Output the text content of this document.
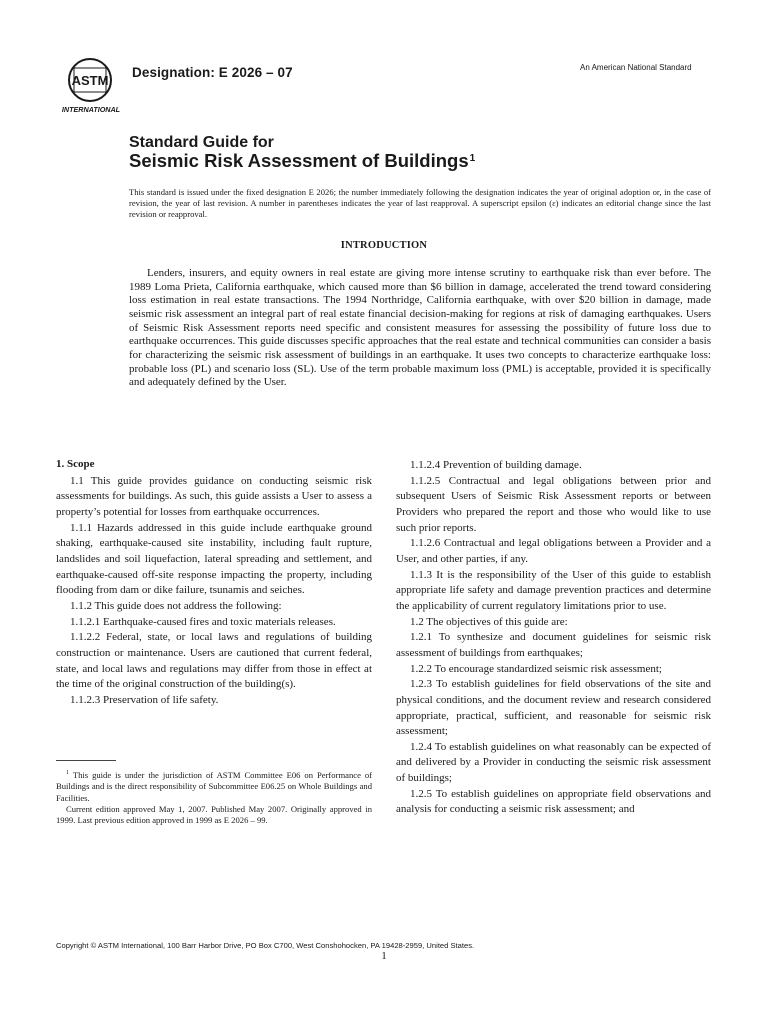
ASTM
INTERNATIONAL
Designation: E 2026 – 07	An American National Standard
Standard Guide for
Seismic Risk Assessment of Buildings$^1$
This standard is issued under the fixed designation E 2026; the number immediately following the designation indicates the year of original adoption or, in the case of revision, the year of last revision. A number in parentheses indicates the year of last reapproval. A superscript epsilon (ε) indicates an editorial change since the last revision or reapproval.
INTRODUCTION
Lenders, insurers, and equity owners in real estate are giving more intense scrutiny to earthquake risk than ever before. The 1989 Loma Prieta, California earthquake, which caused more than $6 billion in damage, accelerated the trend toward considering loss estimation in real estate transactions. The 1994 Northridge, California earthquake, with over $20 billion in damage, made seismic risk assessment an integral part of real estate financial decision-making for regions at risk of damaging earthquakes. Users of Seismic Risk Assessment reports need specific and consistent measures for assessing the possibility of future loss due to earthquake occurrences. This guide discusses specific approaches that the real estate and technical communities can consider a basis for characterizing the seismic risk assessment of buildings in an earthquake. It uses two concepts to characterize earthquake loss: probable loss (PL) and scenario loss (SL). Use of the term probable maximum loss (PML) is acceptable, provided it is specifically and adequately defined by the User.

1. Scope

1.1 This guide provides guidance on conducting seismic risk assessments for buildings. As such, this guide assists a User to assess a property’s potential for losses from earthquake occurrences.

1.1.1 Hazards addressed in this guide include earthquake ground shaking, earthquake-caused site instability, including fault rupture, landslides and soil liquefaction, lateral spreading and settlement, and earthquake-caused off-site response impacting the property, including flooding from dam or dike failure, tsunamis and seiches.

1.1.2 This guide does not address the following:

1.1.2.1 Earthquake-caused fires and toxic materials releases.

1.1.2.2 Federal, state, or local laws and regulations of building construction or maintenance. Users are cautioned that current federal, state, and local laws and regulations may differ from those in effect at the time of the original construction of the building(s).

1.1.2.3 Preservation of life safety.

1.1.2.4 Prevention of building damage.

1.1.2.5 Contractual and legal obligations between prior and subsequent Users of Seismic Risk Assessment reports or between Providers who prepared the report and those who would like to use such prior reports.

1.1.2.6 Contractual and legal obligations between a Provider and a User, and other parties, if any.

1.1.3 It is the responsibility of the User of this guide to establish appropriate life safety and damage prevention practices and determine the applicability of current regulatory limitations prior to use.

1.2 The objectives of this guide are:

1.2.1 To synthesize and document guidelines for seismic risk assessment of buildings from earthquakes;

1.2.2 To encourage standardized seismic risk assessment;

1.2.3 To establish guidelines for field observations of the site and physical conditions, and the document review and research considered appropriate, practical, sufficient, and reasonable for seismic risk assessment;

1.2.4 To establish guidelines on what reasonably can be expected of and delivered by a Provider in conducting the seismic risk assessment of buildings;

1.2.5 To establish guidelines on appropriate field observations and analysis for conducting a seismic risk assessment; and

$^1$ This guide is under the jurisdiction of ASTM Committee E06 on Performance of Buildings and is the direct responsibility of Subcommittee E06.25 on Whole Buildings and Facilities.

Current edition approved May 1, 2007. Published May 2007. Originally approved in 1999. Last previous edition approved in 1999 as E 2026 – 99.

Copyright © ASTM International, 100 Barr Harbor Drive, PO Box C700, West Conshohocken, PA 19428-2959, United States.
1
